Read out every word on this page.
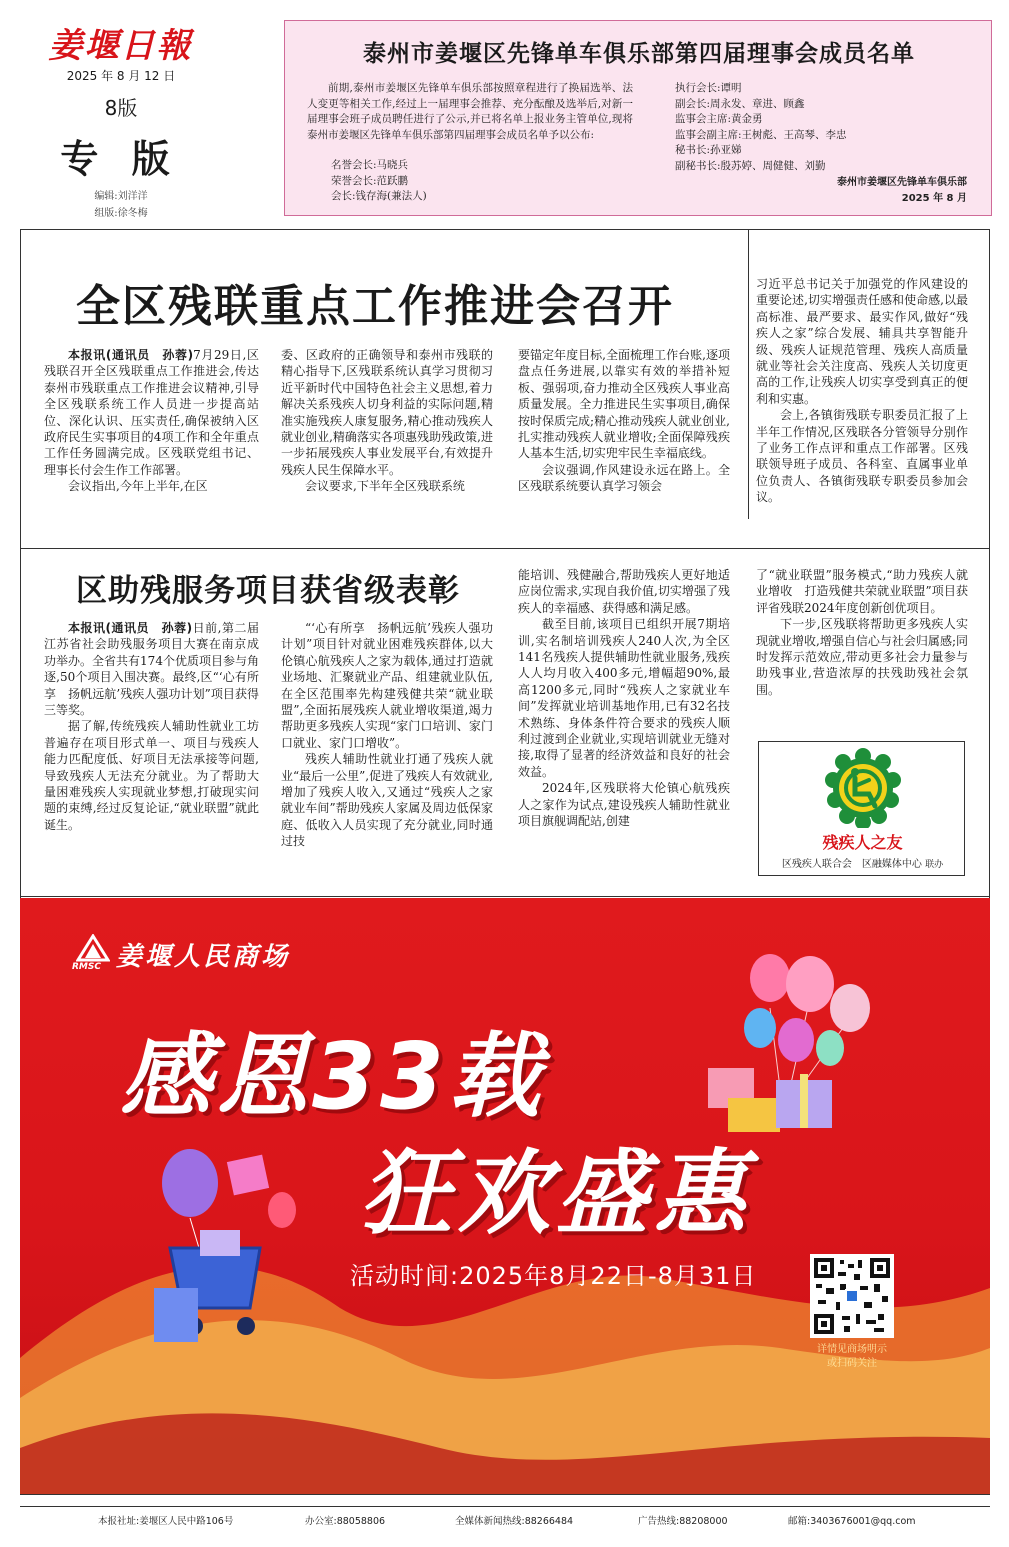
姜堰日報
2025 年 8 月 12 日
8版
专 版
编辑:刘洋洋
组版:徐冬梅
泰州市姜堰区先锋单车俱乐部第四届理事会成员名单
前期,泰州市姜堰区先锋单车俱乐部按照章程进行了换届选举、法人变更等相关工作,经过上一届理事会推荐、充分酝酿及选举后,对新一届理事会班子成员聘任进行了公示,并已将名单上报业务主管单位,现将泰州市姜堰区先锋单车俱乐部第四届理事会成员名单予以公布:
名誉会长:马晓兵
荣誉会长:范跃鹏
会长:钱存海(兼法人)
执行会长:谭明
副会长:周永发、章进、顾鑫
监事会主席:黄金勇
监事会副主席:王树彪、王高琴、李忠
秘书长:孙亚娣
副秘书长:殷苏婷、周健健、刘勤
泰州市姜堰区先锋单车俱乐部
2025 年 8 月
全区残联重点工作推进会召开

本报讯(通讯员　孙蓉)7月29日,区残联召开全区残联重点工作推进会,传达泰州市残联重点工作推进会议精神,引导全区残联系统工作人员进一步提高站位、深化认识、压实责任,确保被纳入区政府民生实事项目的4项工作和全年重点工作任务圆满完成。区残联党组书记、理事长付会生作工作部署。

会议指出,今年上半年,在区

委、区政府的正确领导和泰州市残联的精心指导下,区残联系统认真学习贯彻习近平新时代中国特色社会主义思想,着力解决关系残疾人切身利益的实际问题,精准实施残疾人康复服务,精心推动残疾人就业创业,精确落实各项惠残助残政策,进一步拓展残疾人事业发展平台,有效提升残疾人民生保障水平。

会议要求,下半年全区残联系统

要锚定年度目标,全面梳理工作台账,逐项盘点任务进展,以靠实有效的举措补短板、强弱项,奋力推动全区残疾人事业高质量发展。全力推进民生实事项目,确保按时保质完成;精心推动残疾人就业创业,扎实推动残疾人就业增收;全面保障残疾人基本生活,切实兜牢民生幸福底线。

会议强调,作风建设永远在路上。全区残联系统要认真学习领会

习近平总书记关于加强党的作风建设的重要论述,切实增强责任感和使命感,以最高标准、最严要求、最实作风,做好“残疾人之家”综合发展、辅具共享智能升级、残疾人证规范管理、残疾人高质量就业等社会关注度高、残疾人关切度更高的工作,让残疾人切实享受到真正的便利和实惠。

会上,各镇街残联专职委员汇报了上半年工作情况,区残联各分管领导分别作了业务工作点评和重点工作部署。区残联领导班子成员、各科室、直属事业单位负责人、各镇街残联专职委员参加会议。

区助残服务项目获省级表彰

本报讯(通讯员　孙蓉)日前,第二届江苏省社会助残服务项目大赛在南京成功举办。全省共有174个优质项目参与角逐,50个项目入围决赛。最终,区“‘心有所享　扬帆远航’残疾人强功计划”项目获得三等奖。

据了解,传统残疾人辅助性就业工坊普遍存在项目形式单一、项目与残疾人能力匹配度低、好项目无法承接等问题,导致残疾人无法充分就业。为了帮助大量困难残疾人实现就业梦想,打破现实问题的束缚,经过反复论证,“就业联盟”就此诞生。

“‘心有所享　扬帆远航’残疾人强功计划”项目针对就业困难残疾群体,以大伦镇心航残疾人之家为载体,通过打造就业场地、汇聚就业产品、组建就业队伍,在全区范围率先构建残健共荣“就业联盟”,全面拓展残疾人就业增收渠道,竭力帮助更多残疾人实现“家门口培训、家门口就业、家门口增收”。

残疾人辅助性就业打通了残疾人就业“最后一公里”,促进了残疾人有效就业,增加了残疾人收入,又通过“残疾人之家就业车间”帮助残疾人家属及周边低保家庭、低收入人员实现了充分就业,同时通过技

能培训、残健融合,帮助残疾人更好地适应岗位需求,实现自我价值,切实增强了残疾人的幸福感、获得感和满足感。

截至目前,该项目已组织开展7期培训,实名制培训残疾人240人次,为全区141名残疾人提供辅助性就业服务,残疾人人均月收入400多元,增幅超90%,最高1200多元,同时“残疾人之家就业车间”发挥就业培训基地作用,已有32名技术熟练、身体条件符合要求的残疾人顺利过渡到企业就业,实现培训就业无缝对接,取得了显著的经济效益和良好的社会效益。

2024年,区残联将大伦镇心航残疾人之家作为试点,建设残疾人辅助性就业项目旗舰调配站,创建

了“就业联盟”服务模式,“助力残疾人就业增收　打造残健共荣就业联盟”项目获评省残联2024年度创新创优项目。

下一步,区残联将帮助更多残疾人实现就业增收,增强自信心与社会归属感;同时发挥示范效应,带动更多社会力量参与助残事业,营造浓厚的扶残助残社会氛围。

残疾人之友
区残疾人联合会　区融媒体中心 联办
RMSC 姜堰人民商场
感恩33载
狂欢盛惠
活动时间:2025年8月22日-8月31日
详情见商场明示
或扫码关注
本报社址:姜堰区人民中路106号	办公室:88058806	全媒体新闻热线:88266484	广告热线:88208000	邮箱:3403676001@qq.com
